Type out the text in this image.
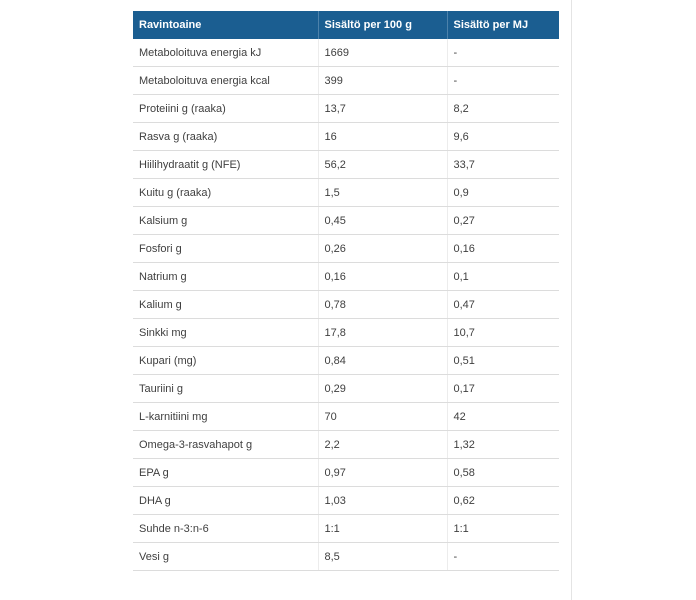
Ravintoaine	Sisältö per 100 g	Sisältö per MJ
Metaboloituva energia kJ	1669	-
Metaboloituva energia kcal	399	-
Proteiini g (raaka)	13,7	8,2
Rasva g (raaka)	16	9,6
Hiilihydraatit g (NFE)	56,2	33,7
Kuitu g (raaka)	1,5	0,9
Kalsium g	0,45	0,27
Fosfori g	0,26	0,16
Natrium g	0,16	0,1
Kalium g	0,78	0,47
Sinkki mg	17,8	10,7
Kupari (mg)	0,84	0,51
Tauriini g	0,29	0,17
L-karnitiini mg	70	42
Omega-3-rasvahapot g	2,2	1,32
EPA g	0,97	0,58
DHA g	1,03	0,62
Suhde n-3:n-6	1:1	1:1
Vesi g	8,5	-
